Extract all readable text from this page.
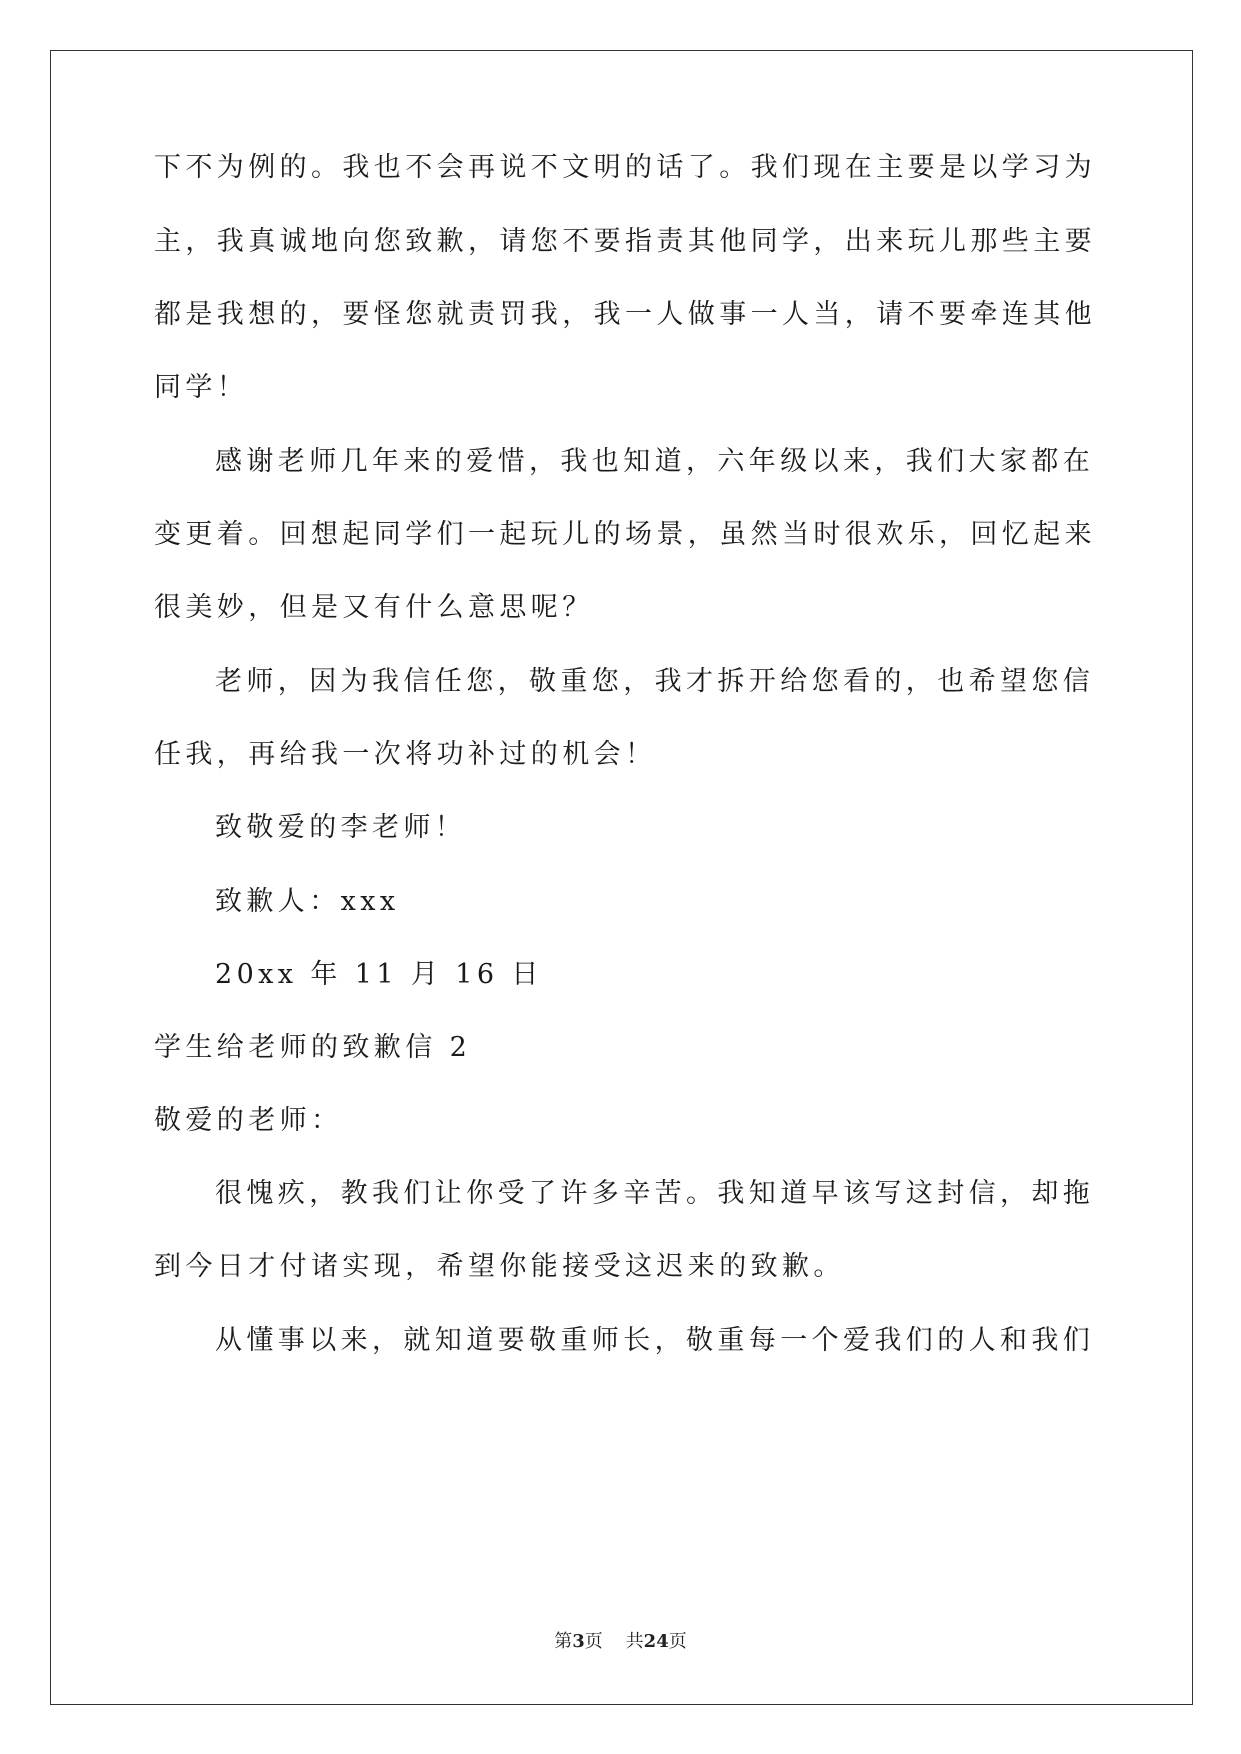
下不为例的。我也不会再说不文明的话了。我们现在主要是以学习为
主，我真诚地向您致歉，请您不要指责其他同学，出来玩儿那些主要
都是我想的，要怪您就责罚我，我一人做事一人当，请不要牵连其他
同学！
感谢老师几年来的爱惜，我也知道，六年级以来，我们大家都在
变更着。回想起同学们一起玩儿的场景，虽然当时很欢乐，回忆起来
很美妙，但是又有什么意思呢？
老师，因为我信任您，敬重您，我才拆开给您看的，也希望您信
任我，再给我一次将功补过的机会！
致敬爱的李老师！
致歉人：xxx
20xx 年 11 月 16 日
学生给老师的致歉信 2
敬爱的老师：
很愧疚，教我们让你受了许多辛苦。我知道早该写这封信，却拖
到今日才付诸实现，希望你能接受这迟来的致歉。
从懂事以来，就知道要敬重师长，敬重每一个爱我们的人和我们
第3页 共24页
